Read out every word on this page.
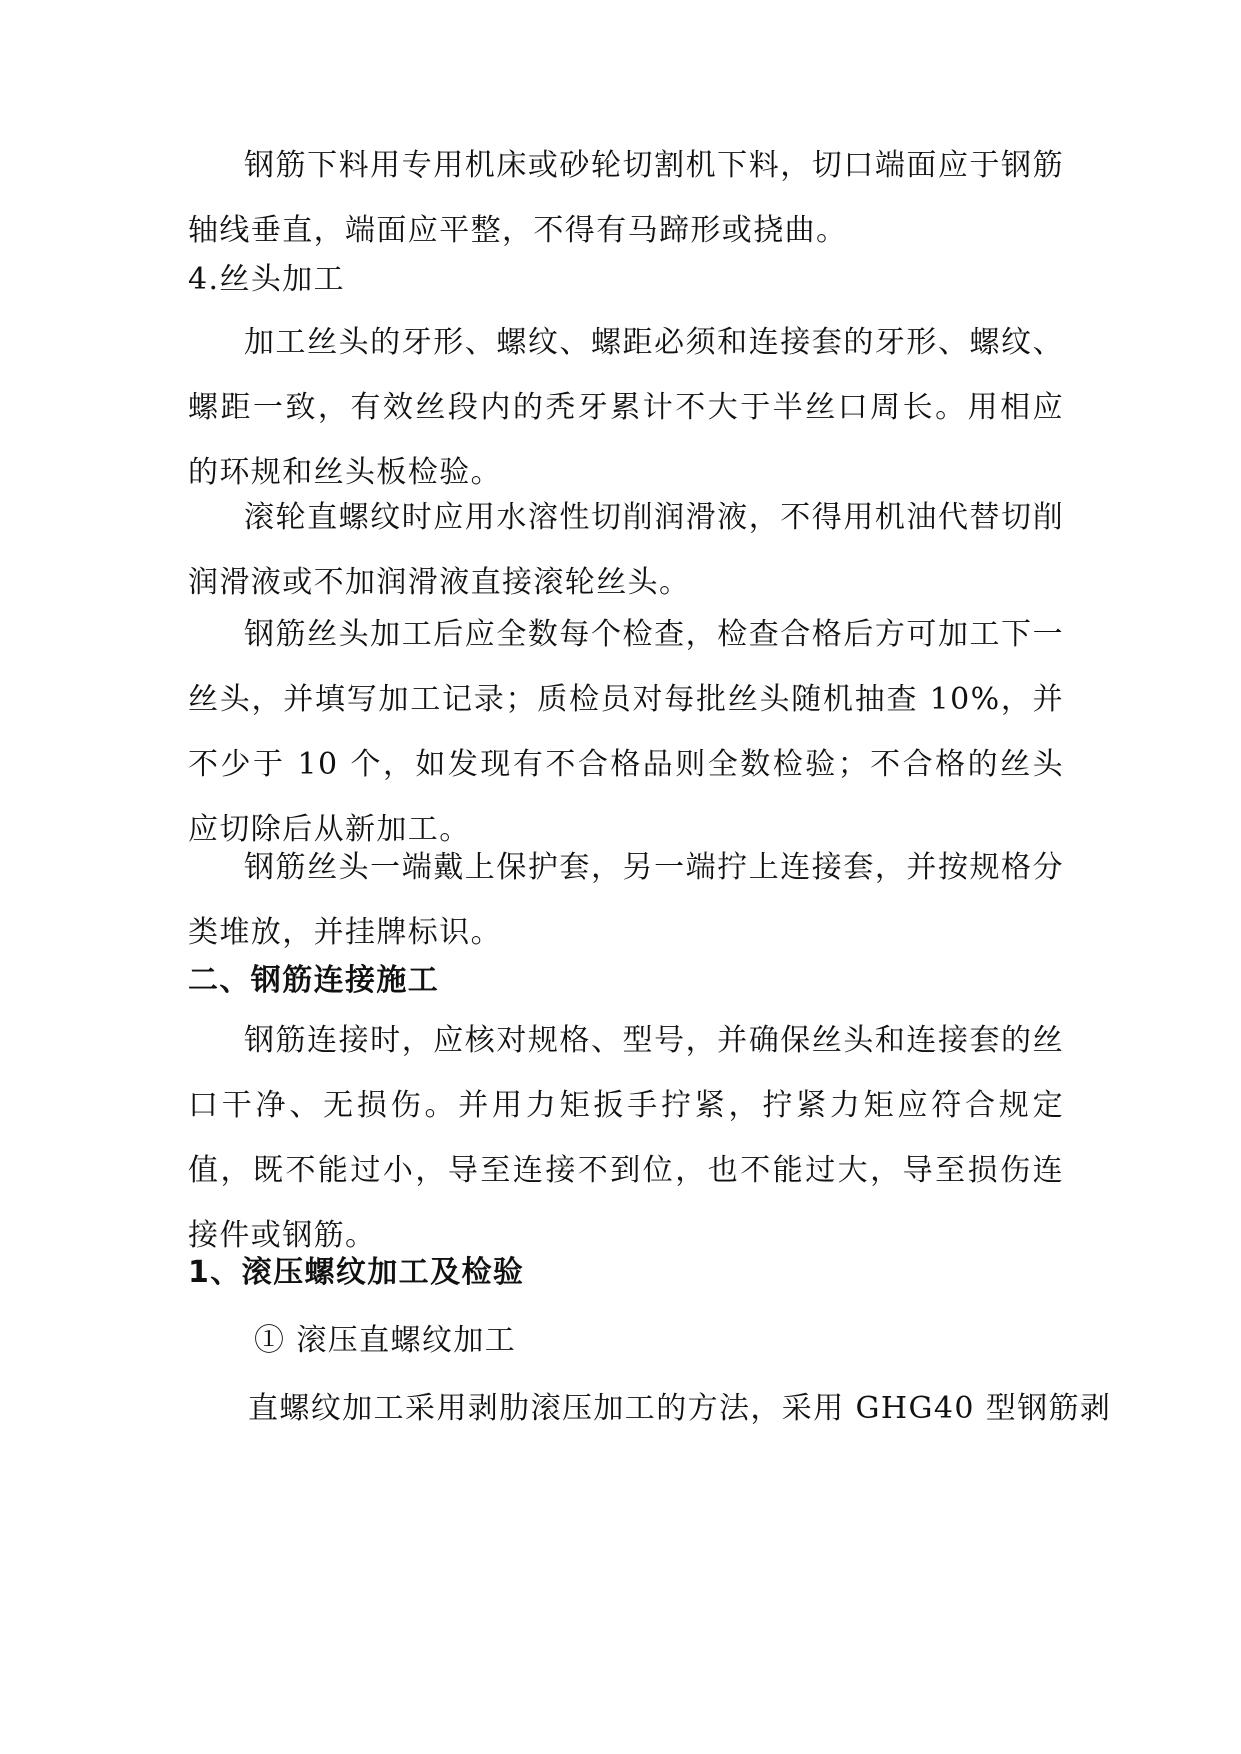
钢筋下料用专用机床或砂轮切割机下料，切口端面应于钢筋轴线垂直，端面应平整，不得有马蹄形或挠曲。

4.丝头加工

加工丝头的牙形、螺纹、螺距必须和连接套的牙形、螺纹、螺距一致，有效丝段内的秃牙累计不大于半丝口周长。用相应的环规和丝头板检验。

滚轮直螺纹时应用水溶性切削润滑液，不得用机油代替切削润滑液或不加润滑液直接滚轮丝头。

钢筋丝头加工后应全数每个检查，检查合格后方可加工下一丝头，并填写加工记录；质检员对每批丝头随机抽查 10%，并不少于 10 个，如发现有不合格品则全数检验；不合格的丝头应切除后从新加工。

钢筋丝头一端戴上保护套，另一端拧上连接套，并按规格分类堆放，并挂牌标识。

二、钢筋连接施工

钢筋连接时，应核对规格、型号，并确保丝头和连接套的丝口干净、无损伤。并用力矩扳手拧紧，拧紧力矩应符合规定值，既不能过小，导至连接不到位，也不能过大，导至损伤连接件或钢筋。

1、滚压螺纹加工及检验

① 滚压直螺纹加工

直螺纹加工采用剥肋滚压加工的方法，采用 GHG40 型钢筋剥
